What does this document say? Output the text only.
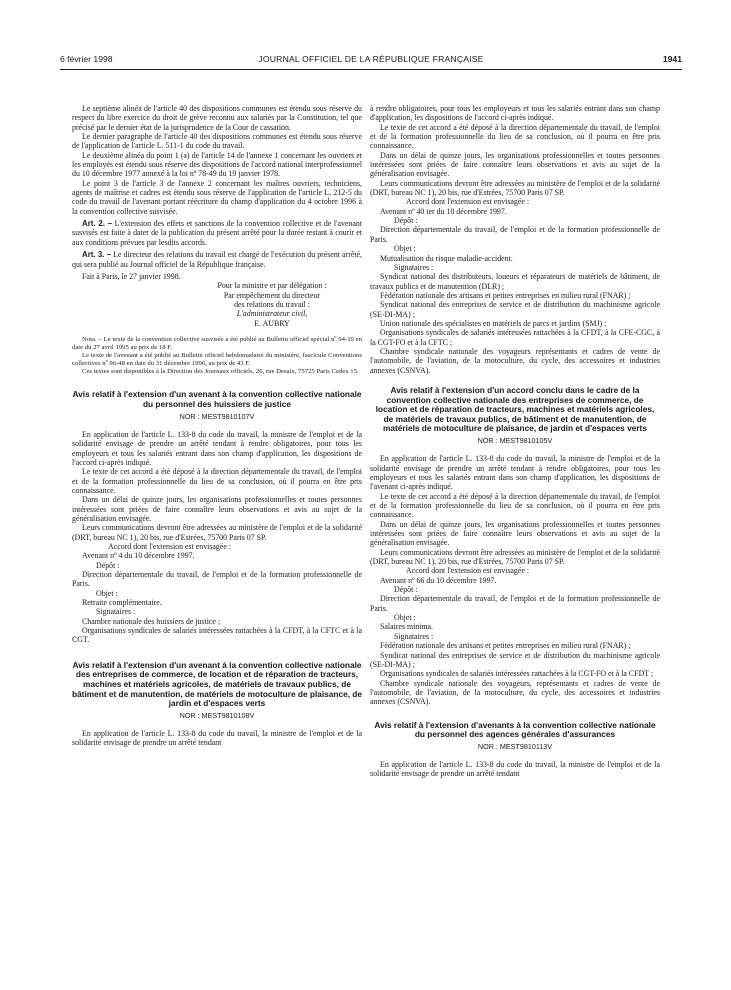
6 février 1998	JOURNAL OFFICIEL DE LA RÉPUBLIQUE FRANÇAISE	1941

Le septième alinéa de l'article 40 des dispositions communes est étendu sous réserve du respect du libre exercice du droit de grève reconnu aux salariés par la Constitution, tel que précisé par le dernier état de la jurisprudence de la Cour de cassation.

Le dernier paragraphe de l'article 40 des dispositions communes est étendu sous réserve de l'application de l'article L. 511-1 du code du travail.

Le deuxième alinéa du point 1 (a) de l'article 14 de l'annexe 1 concernant les ouvriers et les employés est étendu sous réserve des dispositions de l'accord national interprofessionnel du 10 décembre 1977 annexé à la loi nº 78-49 du 19 janvier 1978.

Le point 3 de l'article 3 de l'annexe 2 concernant les maîtres ouvriers, techniciens, agents de maîtrise et cadres est étendu sous réserve de l'application de l'article L. 212-5 du code du travail de l'avenant portant réécriture du champ d'application du 4 octobre 1996 à la convention collective susvisée.

Art. 2. – L'extension des effets et sanctions de la convention collective et de l'avenant susvisés est faite à dater de la publication du présent arrêté pour la durée restant à courir et aux conditions prévues par lesdits accords.

Art. 3. – Le directeur des relations du travail est chargé de l'exécution du présent arrêté, qui sera publié au Journal officiel de la République française.

Fait à Paris, le 27 janvier 1998.

Pour la ministre et par délégation :

Par empêchement du directeur

des relations du travail :

L'administrateur civil,

E. AUBRY

Nota. – Le texte de la convention collective susvisée a été publié au Bulletin officiel spécial nº 94-19 en date du 27 avril 1995 au prix de 18 F.

Le texte de l'avenant a été publié au Bulletin officiel hebdomadaire du ministère, fascicule Conventions collectives nº 96-48 en date du 31 décembre 1996, au prix de 43 F.

Ces textes sont disponibles à la Direction des Journaux officiels, 26, rue Desaix, 75725 Paris Cedex 15.

Avis relatif à l'extension d'un avenant à la convention collective nationale du personnel des huissiers de justice

NOR : MEST9810107V

En application de l'article L. 133-8 du code du travail, la ministre de l'emploi et de la solidarité envisage de prendre un arrêté tendant à rendre obligatoires, pour tous les employeurs et tous les salariés entrant dans son champ d'application, les dispositions de l'accord ci-après indiqué.

Le texte de cet accord a été déposé à la direction départementale du travail, de l'emploi et de la formation professionnelle du lieu de sa conclusion, où il pourra en être pris connaissance.

Dans un délai de quinze jours, les organisations professionnelles et toutes personnes intéressées sont priées de faire connaître leurs observations et avis au sujet de la généralisation envisagée.

Leurs communications devront être adressées au ministère de l'emploi et de la solidarité (DRT, bureau NC 1), 20 bis, rue d'Estrées, 75700 Paris 07 SP.

Accord dont l'extension est envisagée :

Avenant nº 4 du 10 décembre 1997.

Dépôt :

Direction départementale du travail, de l'emploi et de la formation professionnelle de Paris.

Objet :

Retraite complémentaire.

Signataires :

Chambre nationale des huissiers de justice ;

Organisations syndicales de salariés intéressées rattachées à la CFDT, à la CFTC et à la CGT.

Avis relatif à l'extension d'un avenant à la convention collective nationale des entreprises de commerce, de location et de réparation de tracteurs, machines et matériels agricoles, de matériels de travaux publics, de bâtiment et de manutention, de matériels de motoculture de plaisance, de jardin et d'espaces verts

NOR : MEST9810108V

En application de l'article L. 133-8 du code du travail, la ministre de l'emploi et de la solidarité envisage de prendre un arrêté tendant

à rendre obligatoires, pour tous les employeurs et tous les salariés entrant dans son champ d'application, les dispositions de l'accord ci-après indiqué.

Le texte de cet accord a été déposé à la direction départementale du travail, de l'emploi et de la formation professionnelle du lieu de sa conclusion, où il pourra en être pris connaissance.

Dans un délai de quinze jours, les organisations professionnelles et toutes personnes intéressées sont priées de faire connaître leurs observations et avis au sujet de la généralisation envisagée.

Leurs communications devront être adressées au ministère de l'emploi et de la solidarité (DRT, bureau NC 1), 20 bis, rue d'Estrées, 75700 Paris 07 SP.

Accord dont l'extension est envisagée :

Avenant nº 40 ter du 10 décembre 1997.

Dépôt :

Direction départementale du travail, de l'emploi et de la formation professionnelle de Paris.

Objet :

Mutualisation du risque maladie-accident.

Signataires :

Syndicat national des distributeurs, loueurs et réparateurs de matériels de bâtiment, de travaux publics et de manutention (DLR) ;

Fédération nationale des artisans et petites entreprises en milieu rural (FNAR) ;

Syndicat national des entreprises de service et de distribution du machinisme agricole (SE-DI-MA) ;

Union nationale des spécialistes en matériels de parcs et jardins (SMJ) ;

Organisations syndicales de salariés intéressées rattachées à la CFDT, à la CFE-CGC, à la CGT-FO et à la CFTC ;

Chambre syndicale nationale des voyageurs représentants et cadres de vente de l'automobile, de l'aviation, de la motoculture, du cycle, des accessoires et industries annexes (CSNVA).

Avis relatif à l'extension d'un accord conclu dans le cadre de la convention collective nationale des entreprises de commerce, de location et de réparation de tracteurs, machines et matériels agricoles, de matériels de travaux publics, de bâtiment et de manutention, de matériels de motoculture de plaisance, de jardin et d'espaces verts

NOR : MEST9810105V

En application de l'article L. 133-8 du code du travail, la ministre de l'emploi et de la solidarité envisage de prendre un arrêté tendant à rendre obligatoires, pour tous les employeurs et tous les salariés entrant dans son champ d'application, les dispositions de l'avenant ci-après indiqué.

Le texte de cet accord a été déposé à la direction départementale du travail, de l'emploi et de la formation professionnelle du lieu de sa conclusion, où il pourra en être pris connaissance.

Dans un délai de quinze jours, les organisations professionnelles et toutes personnes intéressées sont priées de faire connaître leurs observations et avis au sujet de la généralisation envisagée.

Leurs communications devront être adressées au ministère de l'emploi et de la solidarité (DRT, bureau NC 1), 20 bis, rue d'Estrées, 75700 Paris 07 SP.

Accord dont l'extension est envisagée :

Avenant nº 66 du 10 décembre 1997.

Dépôt :

Direction départementale du travail, de l'emploi et de la formation professionnelle de Paris.

Objet :

Salaires minima.

Signataires :

Fédération nationale des artisans et petites entreprises en milieu rural (FNAR) ;

Syndicat national des entreprises de service et de distribution du machinisme agricole (SE-DI-MA) ;

Organisations syndicales de salariés intéressées rattachées à la CGT-FO et à la CFDT ;

Chambre syndicale nationale des voyageurs, représentants et cadres de vente de l'automobile, de l'aviation, de la motoculture, du cycle, des accessoires et industries annexes (CSNVA).

Avis relatif à l'extension d'avenants à la convention collective nationale du personnel des agences générales d'assurances

NOR : MEST9810113V

En application de l'article L. 133-8 du code du travail, la ministre de l'emploi et de la solidarité envisage de prendre un arrêté tendant
